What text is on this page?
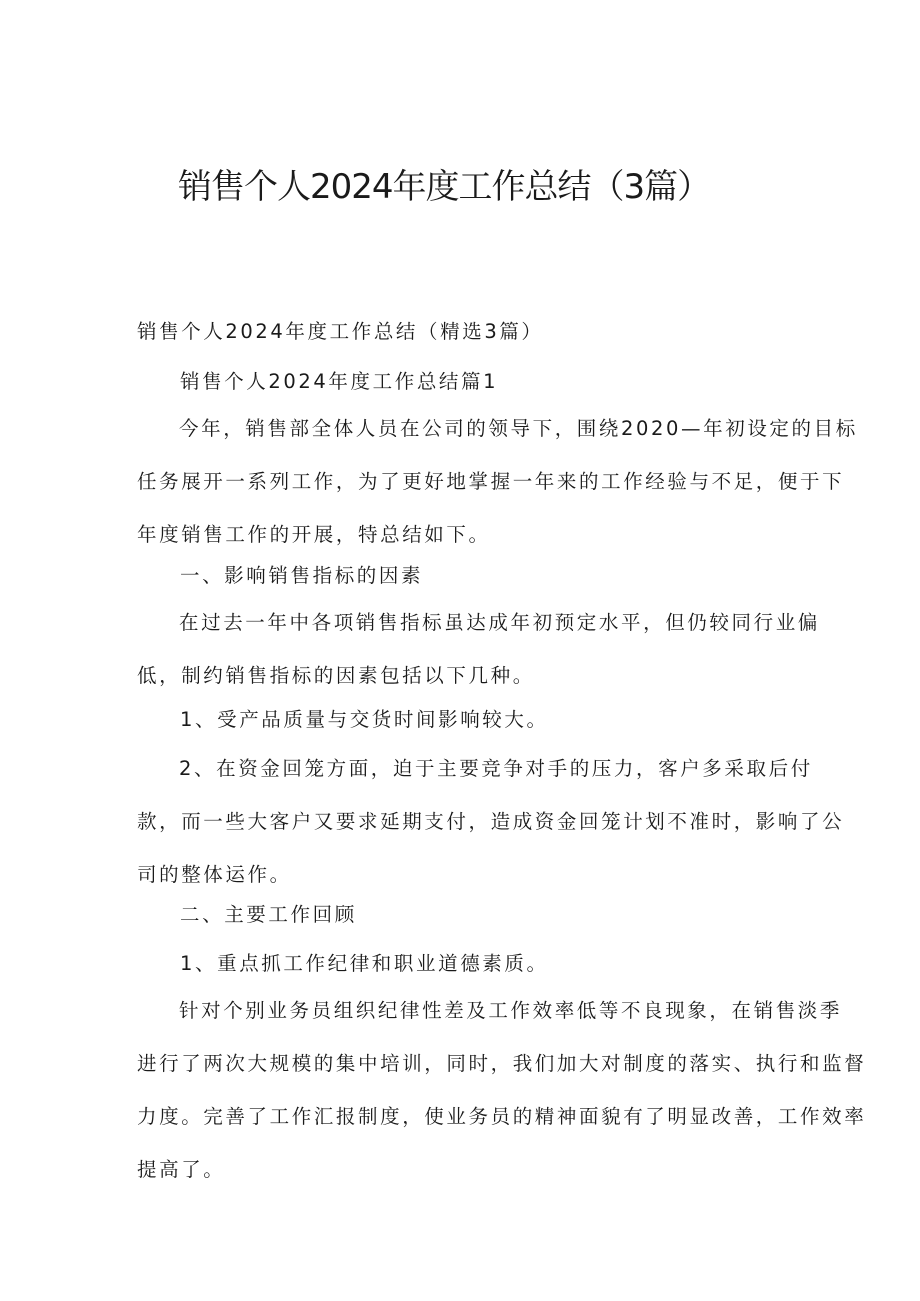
销售个人2024年度工作总结（3篇）

销售个人2024年度工作总结（精选3篇）

销售个人2024年度工作总结篇1

今年，销售部全体人员在公司的领导下，围绕2020—年初设定的目标
任务展开一系列工作，为了更好地掌握一年来的工作经验与不足，便于下
年度销售工作的开展，特总结如下。

一、影响销售指标的因素

在过去一年中各项销售指标虽达成年初预定水平，但仍较同行业偏
低，制约销售指标的因素包括以下几种。

1、受产品质量与交货时间影响较大。

2、在资金回笼方面，迫于主要竞争对手的压力，客户多采取后付
款，而一些大客户又要求延期支付，造成资金回笼计划不准时，影响了公
司的整体运作。

二、主要工作回顾

1、重点抓工作纪律和职业道德素质。

针对个别业务员组织纪律性差及工作效率低等不良现象，在销售淡季
进行了两次大规模的集中培训，同时，我们加大对制度的落实、执行和监督
力度。完善了工作汇报制度，使业务员的精神面貌有了明显改善，工作效率
提高了。
